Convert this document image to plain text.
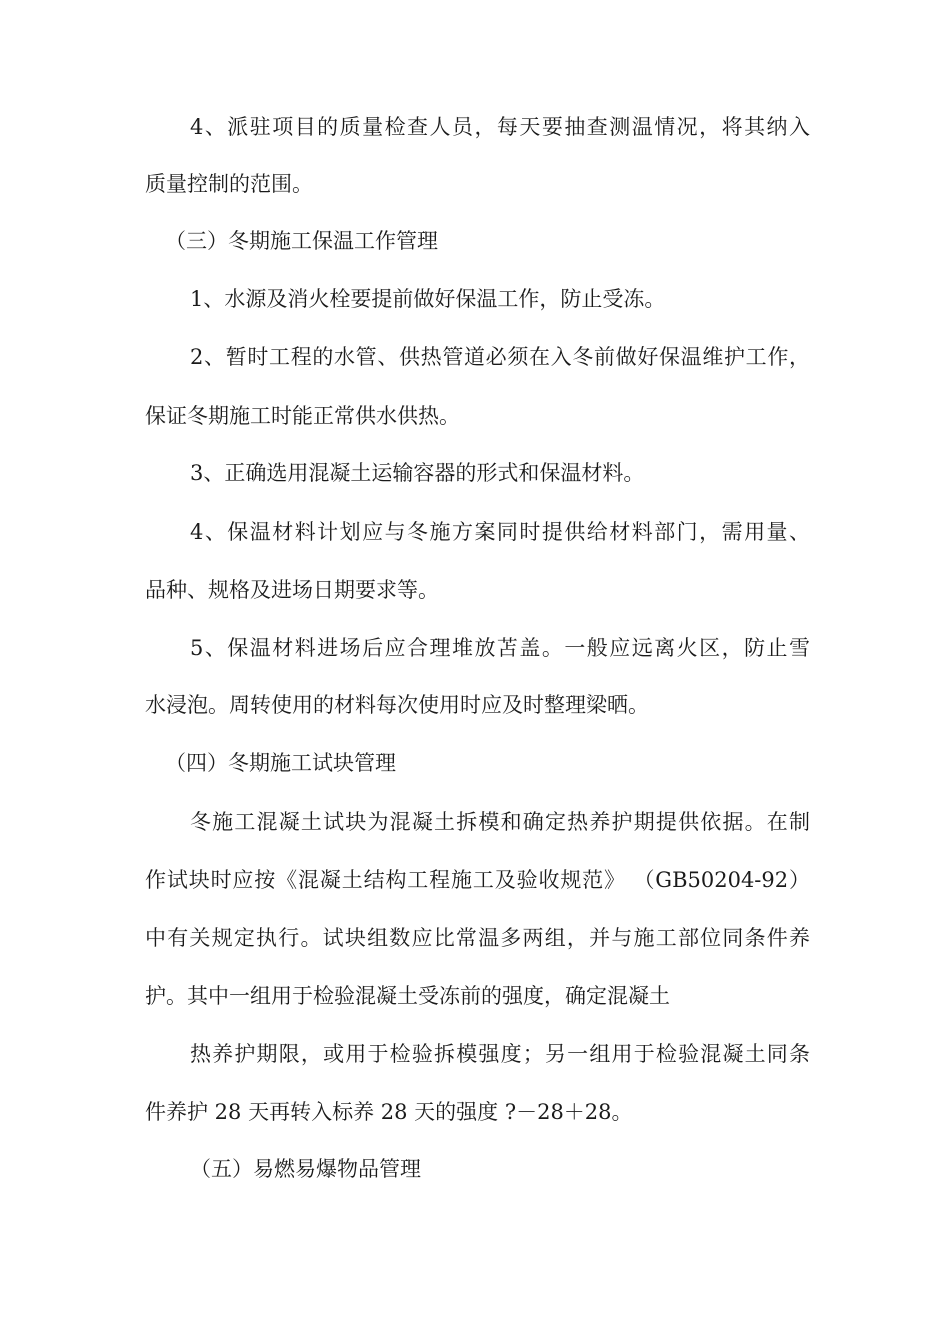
4、派驻项目的质量检查人员，每天要抽查测温情况，将其纳入
质量控制的范围。
（三）冬期施工保温工作管理
1、水源及消火栓要提前做好保温工作，防止受冻。
2、暂时工程的水管、供热管道必须在入冬前做好保温维护工作，
保证冬期施工时能正常供水供热。
3、正确选用混凝土运输容器的形式和保温材料。
4、保温材料计划应与冬施方案同时提供给材料部门，需用量、
品种、规格及进场日期要求等。
5、保温材料进场后应合理堆放苫盖。一般应远离火区，防止雪
水浸泡。周转使用的材料每次使用时应及时整理梁晒。
（四）冬期施工试块管理
冬施工混凝土试块为混凝土拆模和确定热养护期提供依据。在制
作试块时应按《混凝土结构工程施工及验收规范》 （GB50204-92）
中有关规定执行。试块组数应比常温多两组，并与施工部位同条件养
护。其中一组用于检验混凝土受冻前的强度，确定混凝土
热养护期限，或用于检验拆模强度；另一组用于检验混凝土同条
件养护 28 天再转入标养 28 天的强度 ?－28＋28。
（五）易燃易爆物品管理
